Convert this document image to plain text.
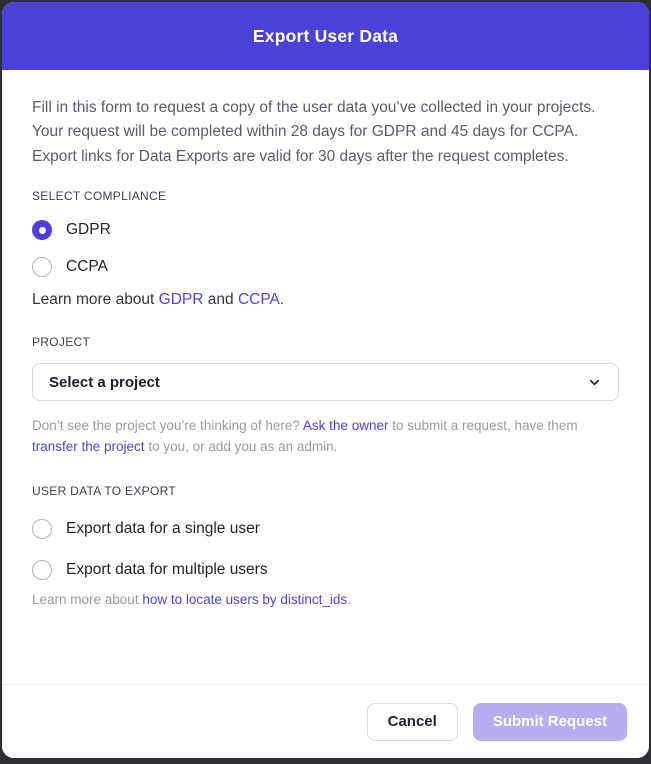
Export User Data

Fill in this form to request a copy of the user data you’ve collected in your projects. Your request will be completed within 28 days for GDPR and 45 days for CCPA. Export links for Data Exports are valid for 30 days after the request completes.

SELECT COMPLIANCE
GDPR
CCPA

Learn more about GDPR and CCPA.

PROJECT
Select a project

Don’t see the project you’re thinking of here? Ask the owner to submit a request, have them transfer the project to you, or add you as an admin.

USER DATA TO EXPORT
Export data for a single user
Export data for multiple users

Learn more about how to locate users by distinct_ids.

Cancel	Submit Request
